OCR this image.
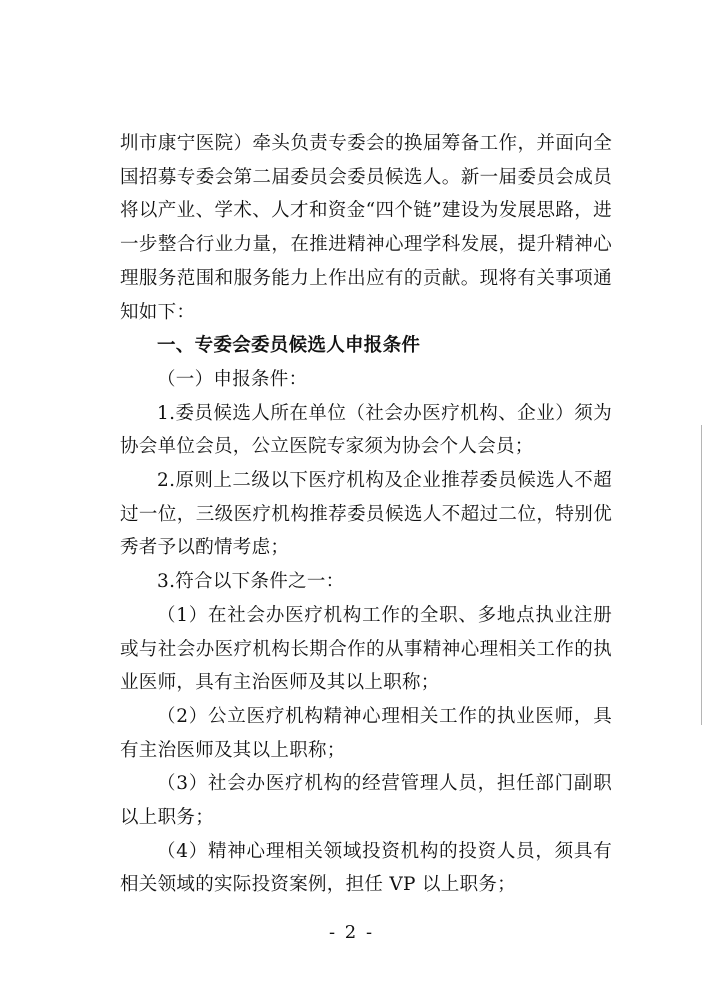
圳市康宁医院）牵头负责专委会的换届筹备工作，并面向全国招募专委会第二届委员会委员候选人。新一届委员会成员将以产业、学术、人才和资金“四个链”建设为发展思路，进一步整合行业力量，在推进精神心理学科发展，提升精神心理服务范围和服务能力上作出应有的贡献。现将有关事项通知如下：

一、专委会委员候选人申报条件

（一）申报条件：

1.委员候选人所在单位（社会办医疗机构、企业）须为协会单位会员，公立医院专家须为协会个人会员；

2.原则上二级以下医疗机构及企业推荐委员候选人不超过一位，三级医疗机构推荐委员候选人不超过二位，特别优秀者予以酌情考虑；

3.符合以下条件之一：

（1）在社会办医疗机构工作的全职、多地点执业注册或与社会办医疗机构长期合作的从事精神心理相关工作的执业医师，具有主治医师及其以上职称；

（2）公立医疗机构精神心理相关工作的执业医师，具有主治医师及其以上职称；

（3）社会办医疗机构的经营管理人员，担任部门副职以上职务；

（4）精神心理相关领域投资机构的投资人员，须具有相关领域的实际投资案例，担任 VP 以上职务；

- 2 -
